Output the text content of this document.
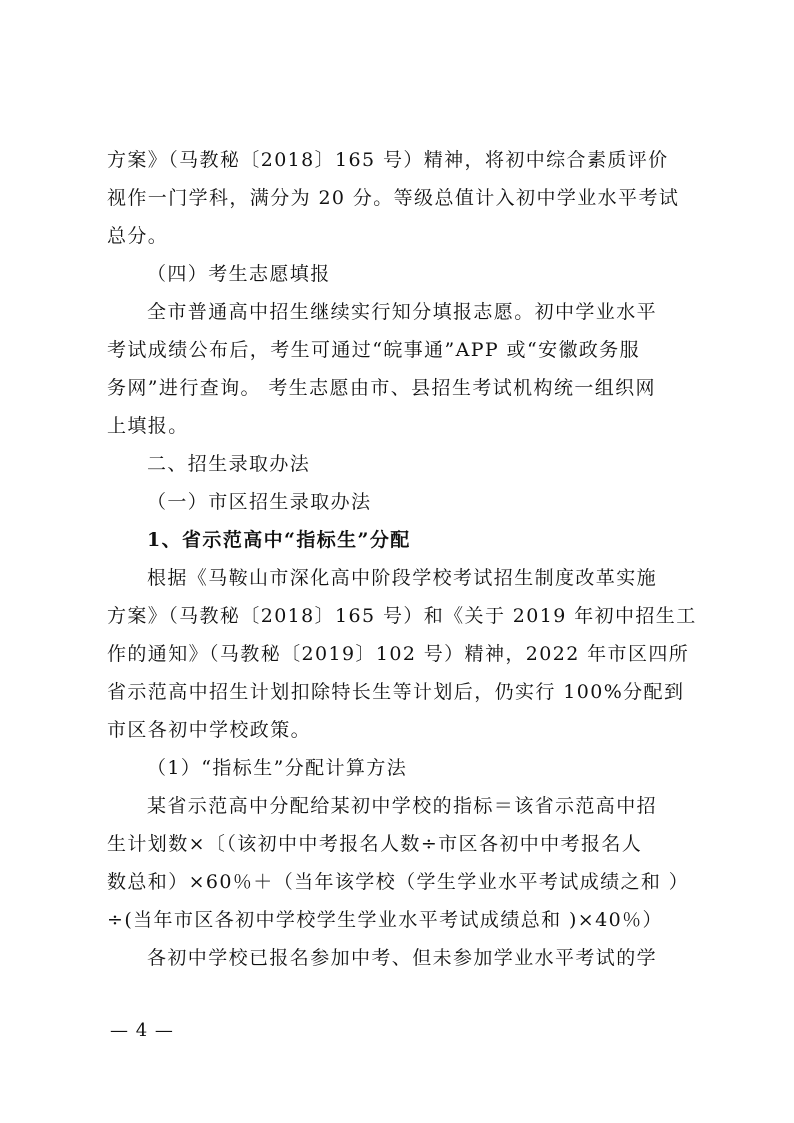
方案》（马教秘〔2018〕165 号）精神，将初中综合素质评价
视作一门学科，满分为 20 分。等级总值计入初中学业水平考试
总分。
（四）考生志愿填报
全市普通高中招生继续实行知分填报志愿。初中学业水平
考试成绩公布后，考生可通过“皖事通”APP 或“安徽政务服
务网”进行查询。 考生志愿由市、县招生考试机构统一组织网
上填报。
二、招生录取办法
（一）市区招生录取办法
1、省示范高中“指标生”分配
根据《马鞍山市深化高中阶段学校考试招生制度改革实施
方案》（马教秘〔2018〕165 号）和《关于 2019 年初中招生工
作的通知》（马教秘〔2019〕102 号）精神，2022 年市区四所
省示范高中招生计划扣除特长生等计划后，仍实行 100%分配到
市区各初中学校政策。
（1）“指标生”分配计算方法
某省示范高中分配给某初中学校的指标＝该省示范高中招
生计划数×〔（该初中中考报名人数÷市区各初中中考报名人
数总和）×60％＋（当年该学校（学生学业水平考试成绩之和 ）
÷(当年市区各初中学校学生学业水平考试成绩总和 )×40％）
各初中学校已报名参加中考、但未参加学业水平考试的学
— 4 —
